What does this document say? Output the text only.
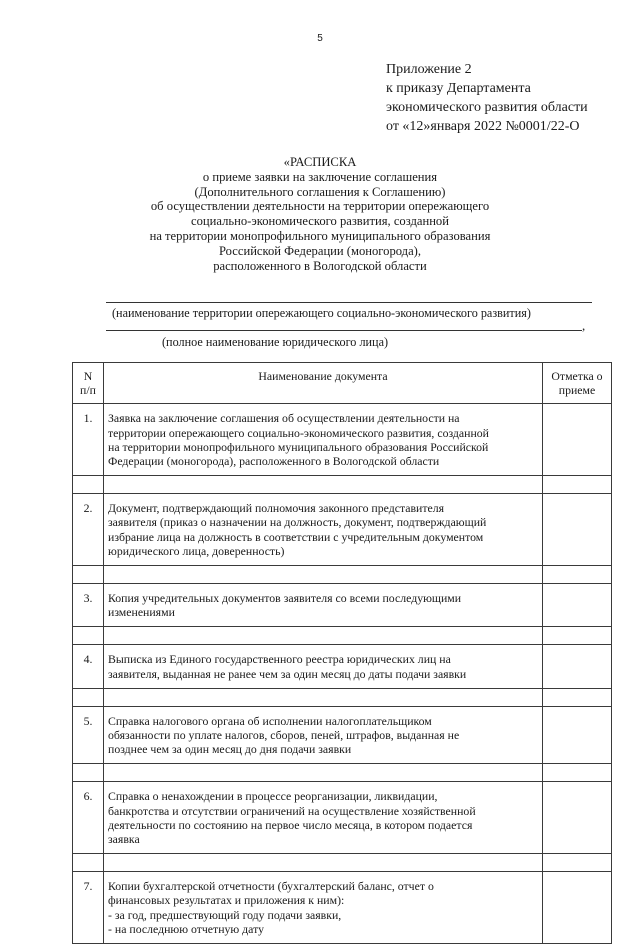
5
Приложение 2
к приказу Департамента
экономического развития области
от «12»января 2022 №0001/22-О
«РАСПИСКА
о приеме заявки на заключение соглашения
(Дополнительного соглашения к Соглашению)
об осуществлении деятельности на территории опережающего
социально-экономического развития, созданной
на территории монопрофильного муниципального образования
Российской Федерации (моногорода),
расположенного в Вологодской области
(наименование территории опережающего социально-экономического развития)
,
(полное наименование юридического лица)
N
п/п	Наименование документа	Отметка о
приеме

1.	Заявка на заключение соглашения об осуществлении деятельности на
территории опережающего социально-экономического развития, созданной
на территории монопрофильного муниципального образования Российской
Федерации (моногорода), расположенного в Вологодской области	

2.	Документ, подтверждающий полномочия законного представителя
заявителя (приказ о назначении на должность, документ, подтверждающий
избрание лица на должность в соответствии с учредительным документом
юридического лица, доверенность)	

3.	Копия учредительных документов заявителя со всеми последующими
изменениями	

4.	Выписка из Единого государственного реестра юридических лиц на
заявителя, выданная не ранее чем за один месяц до даты подачи заявки	

5.	Справка налогового органа об исполнении налогоплательщиком
обязанности по уплате налогов, сборов, пеней, штрафов, выданная не
позднее чем за один месяц до дня подачи заявки	

6.	Справка о ненахождении в процессе реорганизации, ликвидации,
банкротства и отсутствии ограничений на осуществление хозяйственной
деятельности по состоянию на первое число месяца, в котором подается
заявка	

7.	Копии бухгалтерской отчетности (бухгалтерский баланс, отчет о
финансовых результатах и приложения к ним):
- за год, предшествующий году подачи заявки,
- на последнюю отчетную дату	
